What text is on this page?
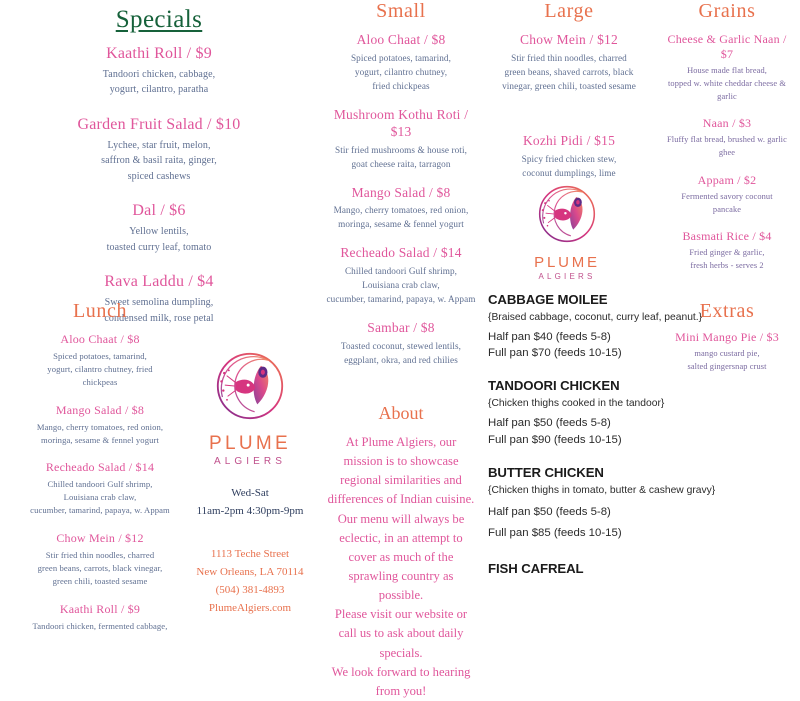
Specials
Kaathi Roll / $9
Tandoori chicken, cabbage,
yogurt, cilantro, paratha
Garden Fruit Salad / $10
Lychee, star fruit, melon,
saffron & basil raita, ginger,
spiced cashews
Dal / $6
Yellow lentils,
toasted curry leaf, tomato
Rava Laddu / $4
Sweet semolina dumpling,
condensed milk, rose petal
Lunch
Aloo Chaat / $8
Spiced potatoes, tamarind,
yogurt, cilantro chutney, fried
chickpeas
Mango Salad / $8
Mango, cherry tomatoes, red onion,
moringa, sesame & fennel yogurt
Recheado Salad / $14
Chilled tandoori Gulf shrimp,
Louisiana crab claw,
cucumber, tamarind, papaya, w. Appam
Chow Mein / $12
Stir fried thin noodles, charred
green beans, carrots, black vinegar,
green chili, toasted sesame
Kaathi Roll / $9
Tandoori chicken, fermented cabbage,
Small
Aloo Chaat / $8
Spiced potatoes, tamarind,
yogurt, cilantro chutney,
fried chickpeas
Mushroom Kothu Roti / $13
Stir fried mushrooms & house roti,
goat cheese raita, tarragon
Mango Salad / $8
Mango, cherry tomatoes, red onion,
moringa, sesame & fennel yogurt
Recheado Salad / $14
Chilled tandoori Gulf shrimp,
Louisiana crab claw,
cucumber, tamarind, papaya, w. Appam
Sambar / $8
Toasted coconut, stewed lentils,
eggplant, okra, and red chilies
About

At Plume Algiers, our mission is to showcase regional similarities and differences of Indian cuisine.

Our menu will always be eclectic, in an attempt to cover as much of the sprawling country as possible.

Please visit our website or call us to ask about daily specials.

We look forward to hearing from you!

Large
Chow Mein / $12
Stir fried thin noodles, charred
green beans, shaved carrots, black
vinegar, green chili, toasted sesame
Kozhi Pidi / $15
Spicy fried chicken stew,
coconut dumplings, lime
Grains
Cheese & Garlic Naan / $7
House made flat bread,
topped w. white cheddar cheese & garlic
Naan / $3
Fluffy flat bread, brushed w. garlic ghee
Appam / $2
Fermented savory coconut
pancake
Basmati Rice / $4
Fried ginger & garlic,
fresh herbs - serves 2
Extras
Mini Mango Pie / $3
mango custard pie,
salted gingersnap crust
PLUME
ALGIERS
PLUME
ALGIERS
Wed-Sat
11am-2pm 4:30pm-9pm
1113 Teche Street
New Orleans, LA 70114
(504) 381-4893
PlumeAlgiers.com
CABBAGE MOILEE
{Braised cabbage, coconut, curry leaf, peanut.}
Half pan $40 (feeds 5-8)
Full pan $70 (feeds 10-15)
TANDOORI CHICKEN
{Chicken thighs cooked in the tandoor}
Half pan $50 (feeds 5-8)
Full pan $90 (feeds 10-15)
BUTTER CHICKEN
{Chicken thighs in tomato, butter & cashew gravy}
Half pan $50 (feeds 5-8)
Full pan $85 (feeds 10-15)
FISH CAFREAL
